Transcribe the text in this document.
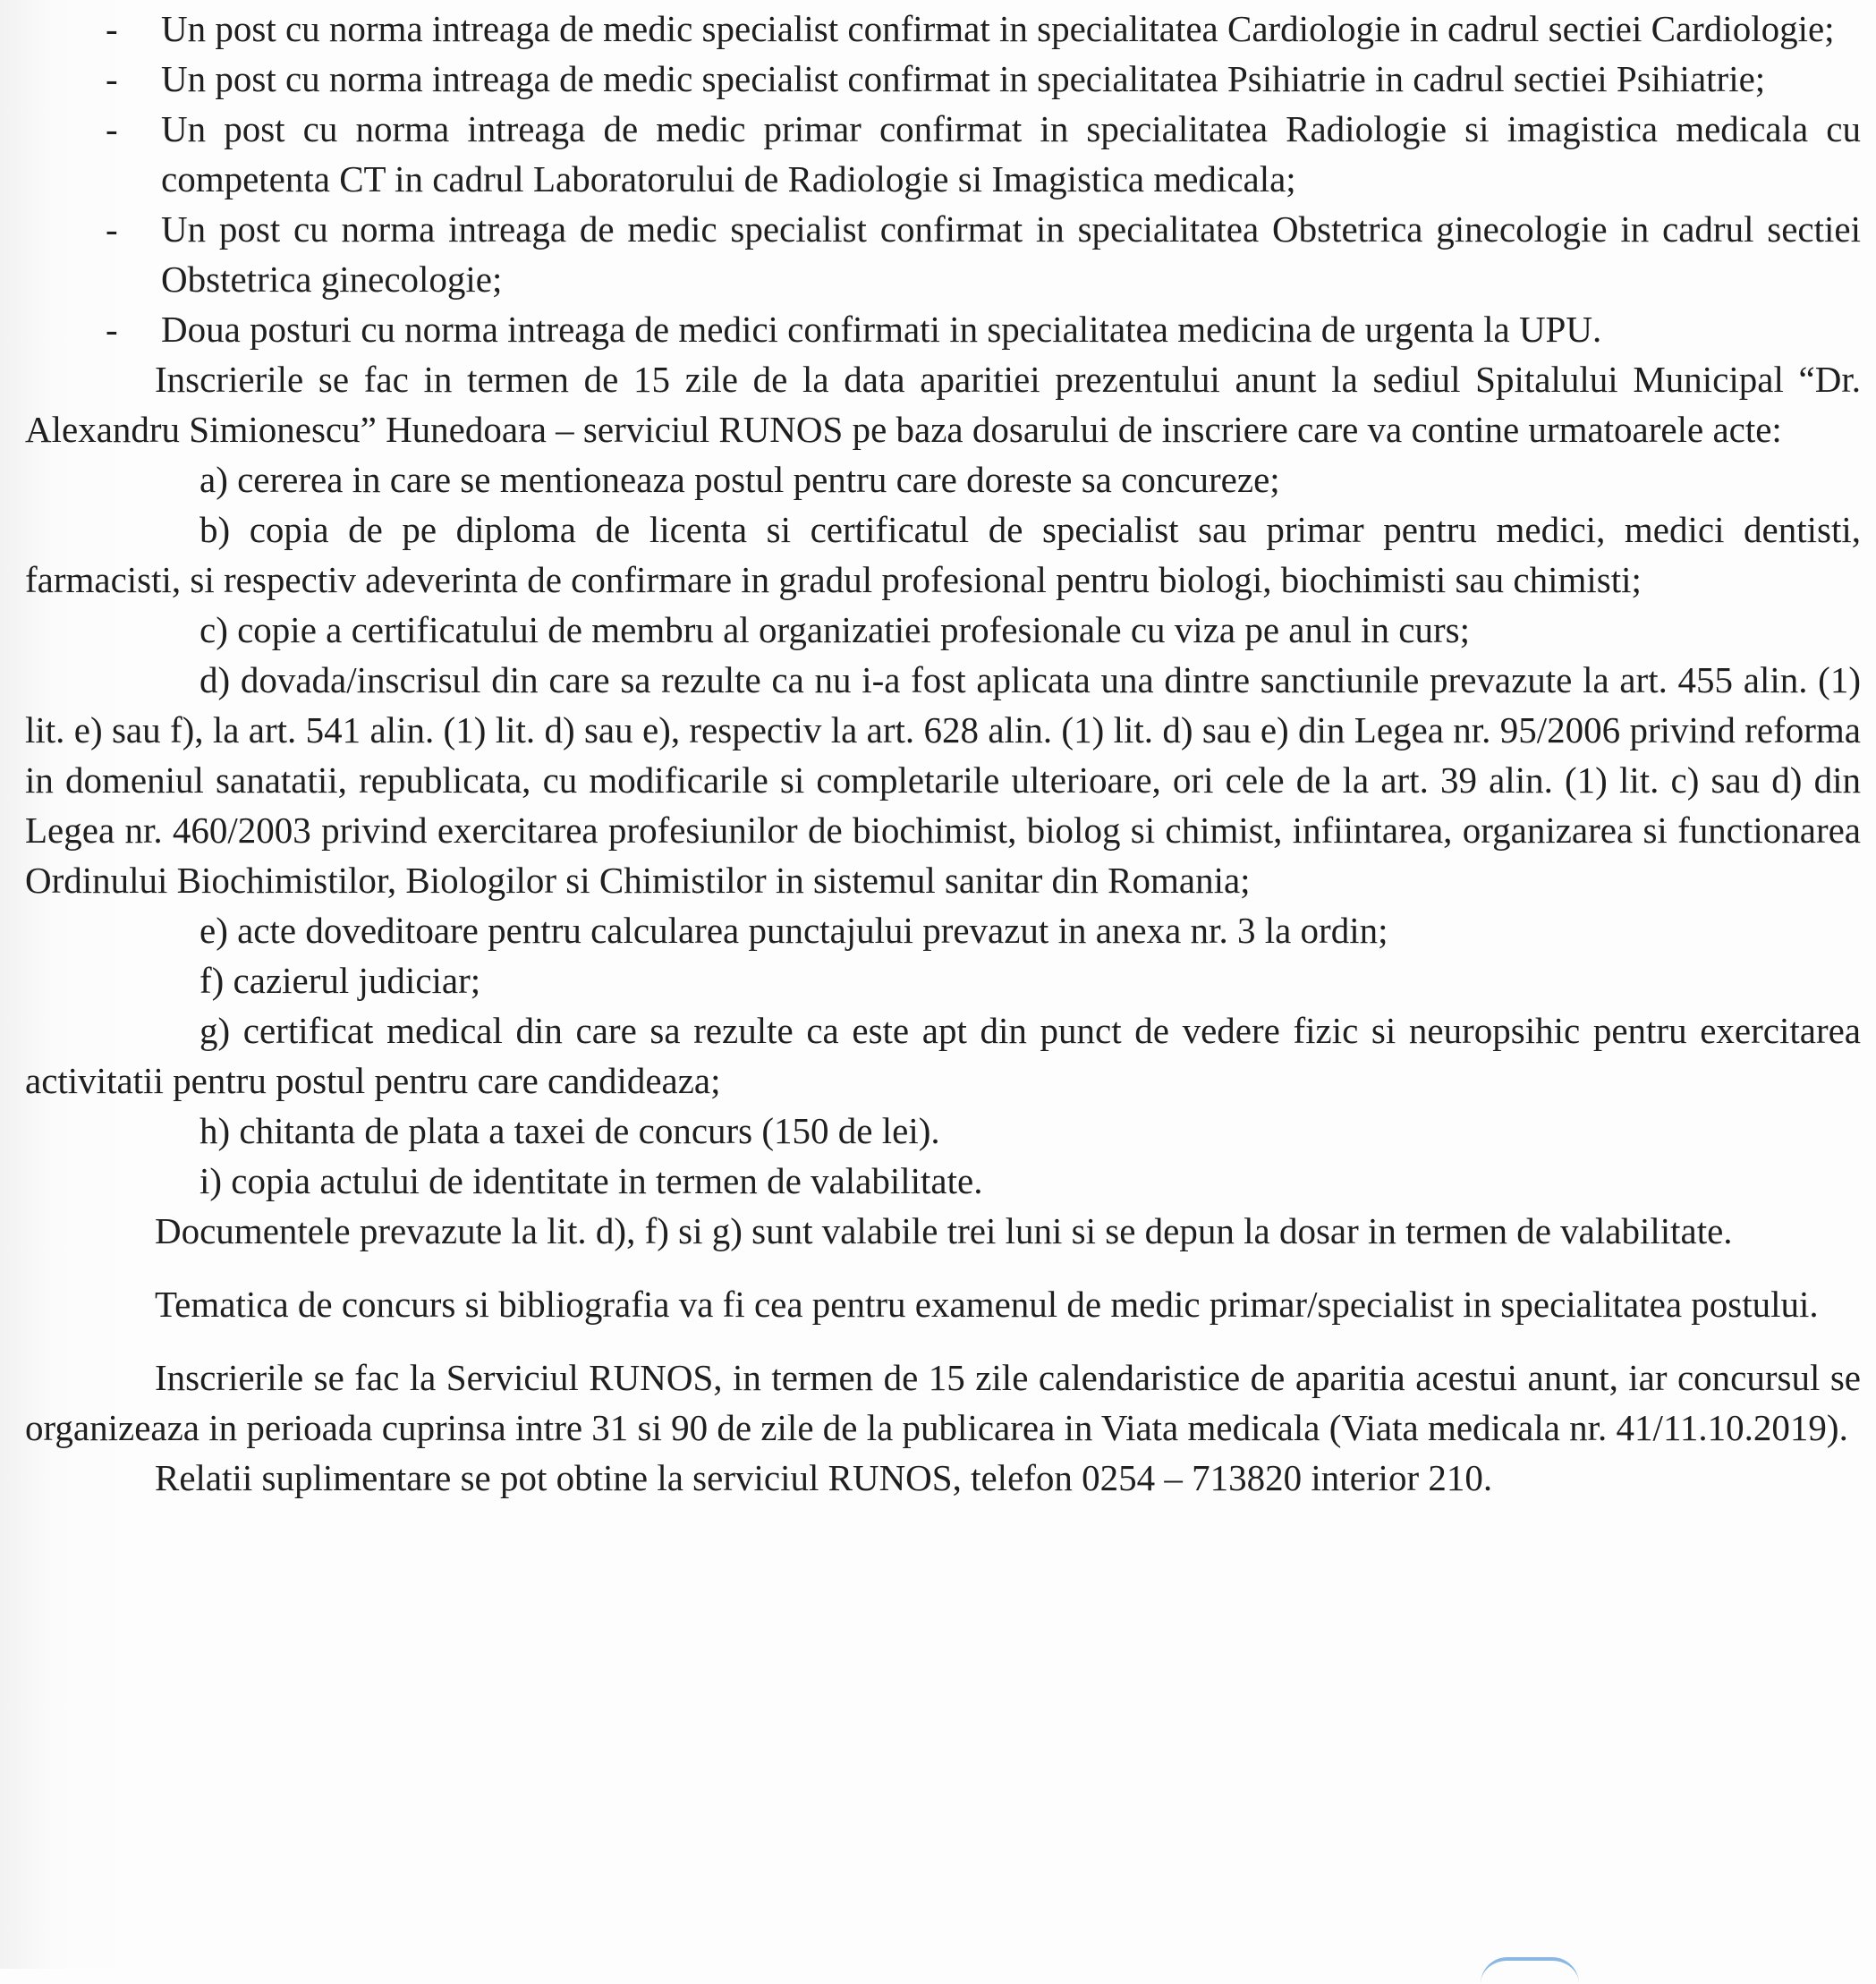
- Un post cu norma intreaga de medic specialist confirmat in specialitatea Cardiologie in cadrul sectiei Cardiologie;
- Un post cu norma intreaga de medic specialist confirmat in specialitatea Psihiatrie in cadrul sectiei Psihiatrie;
- Un post cu norma intreaga de medic primar confirmat in specialitatea Radiologie si imagistica medicala cu competenta CT in cadrul Laboratorului de Radiologie si Imagistica medicala;
- Un post cu norma intreaga de medic specialist confirmat in specialitatea Obstetrica ginecologie in cadrul sectiei Obstetrica ginecologie;
- Doua posturi cu norma intreaga de medici confirmati in specialitatea medicina de urgenta la UPU.

Inscrierile se fac in termen de 15 zile de la data aparitiei prezentului anunt la sediul Spitalului Municipal “Dr. Alexandru Simionescu” Hunedoara – serviciul RUNOS pe baza dosarului de inscriere care va contine urmatoarele acte:

a) cererea in care se mentioneaza postul pentru care doreste sa concureze;

b) copia de pe diploma de licenta si certificatul de specialist sau primar pentru medici, medici dentisti, farmacisti, si respectiv adeverinta de confirmare in gradul profesional pentru biologi, biochimisti sau chimisti;

c) copie a certificatului de membru al organizatiei profesionale cu viza pe anul in curs;

d) dovada/inscrisul din care sa rezulte ca nu i-a fost aplicata una dintre sanctiunile prevazute la art. 455 alin. (1) lit. e) sau f), la art. 541 alin. (1) lit. d) sau e), respectiv la art. 628 alin. (1) lit. d) sau e) din Legea nr. 95/2006 privind reforma in domeniul sanatatii, republicata, cu modificarile si completarile ulterioare, ori cele de la art. 39 alin. (1) lit. c) sau d) din Legea nr. 460/2003 privind exercitarea profesiunilor de biochimist, biolog si chimist, infiintarea, organizarea si functionarea Ordinului Biochimistilor, Biologilor si Chimistilor in sistemul sanitar din Romania;

e) acte doveditoare pentru calcularea punctajului prevazut in anexa nr. 3 la ordin;

f) cazierul judiciar;

g) certificat medical din care sa rezulte ca este apt din punct de vedere fizic si neuropsihic pentru exercitarea activitatii pentru postul pentru care candideaza;

h) chitanta de plata a taxei de concurs (150 de lei).

i) copia actului de identitate in termen de valabilitate.

Documentele prevazute la lit. d), f) si g) sunt valabile trei luni si se depun la dosar in termen de valabilitate.

Tematica de concurs si bibliografia va fi cea pentru examenul de medic primar/specialist in specialitatea postului.

Inscrierile se fac la Serviciul RUNOS, in termen de 15 zile calendaristice de aparitia acestui anunt, iar concursul se organizeaza in perioada cuprinsa intre 31 si 90 de zile de la publicarea in Viata medicala (Viata medicala nr. 41/11.10.2019).

Relatii suplimentare se pot obtine la serviciul RUNOS, telefon 0254 – 713820 interior 210.
